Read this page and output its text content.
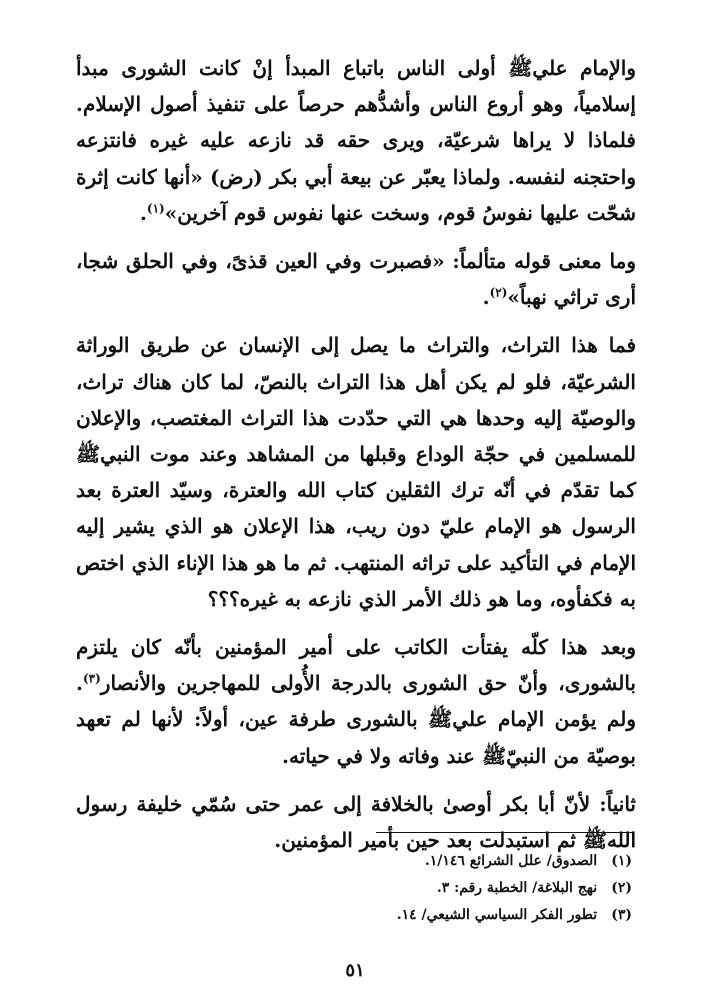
والإمام عليﷺ أولى الناس باتباع المبدأ إنْ كانت الشورى مبدأ إسلامياً، وهو أروع الناس وأشدُّهم حرصاً على تنفيذ أصول الإسلام. فلماذا لا يراها شرعيّة، ويرى حقه قد نازعه عليه غيره فانتزعه واحتجنه لنفسه. ولماذا يعبّر عن بيعة أبي بكر (رض) «أنها كانت إثرة شحّت عليها نفوسُ قوم، وسخت عنها نفوس قوم آخرين»$^{(١)}$.

وما معنى قوله متألماً: «فصبرت وفي العين قذىً، وفي الحلق شجا، أرى تراثي نهباً»$^{(٢)}$.

فما هذا التراث، والتراث ما يصل إلى الإنسان عن طريق الوراثة الشرعيّة، فلو لم يكن أهل هذا التراث بالنصّ، لما كان هناك تراث، والوصيّة إليه وحدها هي التي حدّدت هذا التراث المغتصب، والإعلان للمسلمين في حجّة الوداع وقبلها من المشاهد وعند موت النبيﷺ كما تقدّم في أنّه ترك الثقلين كتاب الله والعترة، وسيّد العترة بعد الرسول هو الإمام عليّ دون ريب، هذا الإعلان هو الذي يشير إليه الإمام في التأكيد على تراثه المنتهب. ثم ما هو هذا الإناء الذي اختص به فكفأوه، وما هو ذلك الأمر الذي نازعه به غيره؟؟؟

وبعد هذا كلّه يفتأت الكاتب على أمير المؤمنين بأنّه كان يلتزم بالشورى، وأنّ حق الشورى بالدرجة الأُولى للمهاجرين والأنصار$^{(٣)}$. ولم يؤمن الإمام عليﷺ بالشورى طرفة عين، أولاً: لأنها لم تعهد بوصيّة من النبيّﷺ عند وفاته ولا في حياته.

ثانياً: لأنّ أبا بكر أوصىٰ بالخلافة إلى عمر حتى سُمّي خليفة رسول اللهﷺ ثم استبدلت بعد حين بأمير المؤمنين.

(١) الصدوق/ علل الشرائع ١/١٤٦.

(٢) نهج البلاغة/ الخطبة رقم: ٣.

(٣) تطور الفكر السياسي الشيعي/ ١٤.

٥١
